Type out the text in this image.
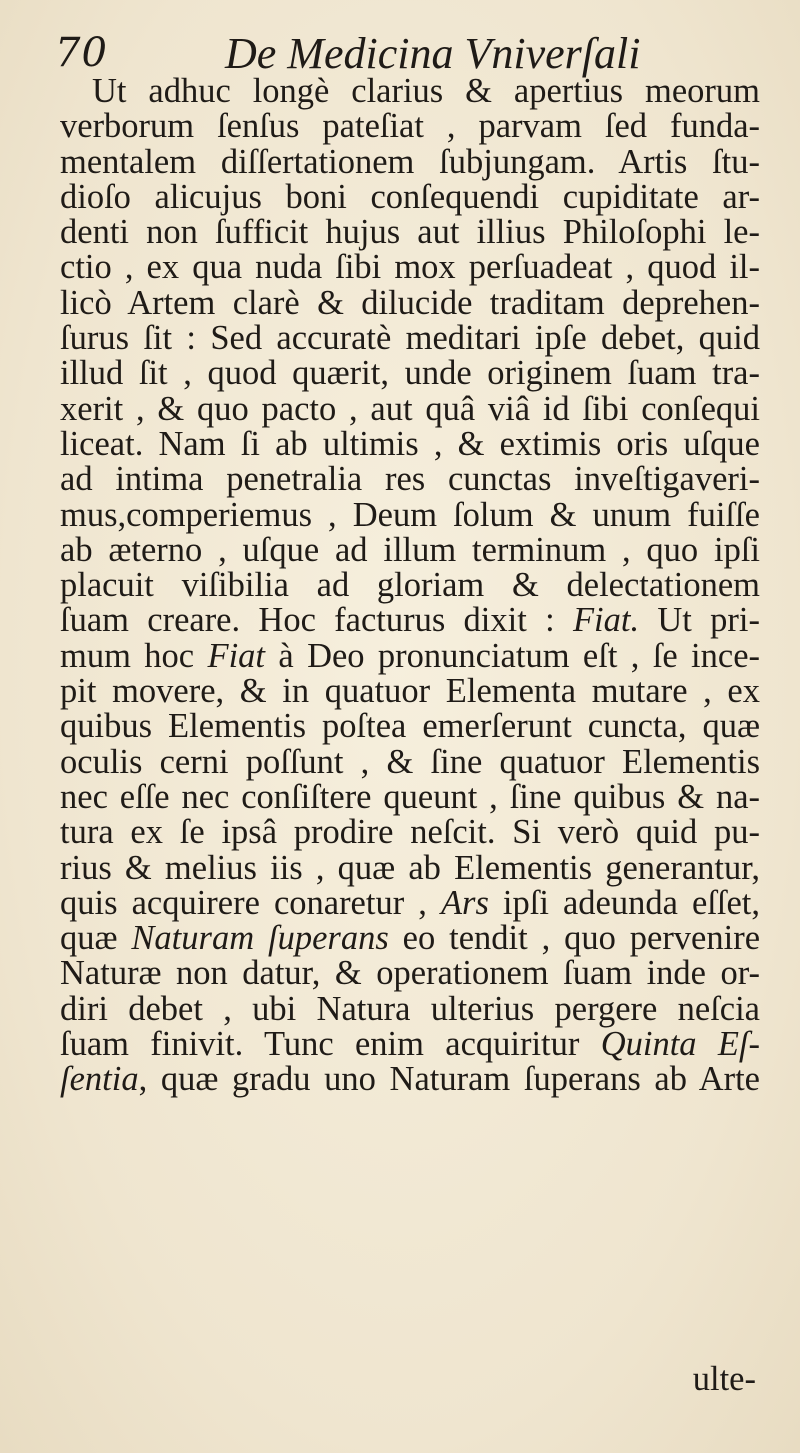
70	De Medicina Vniverſali
Ut adhuc longè clarius & apertius meorum
verborum ſenſus pateſiat , parvam ſed funda-
mentalem diſſertationem ſubjungam. Artis ſtu-
dioſo alicujus boni conſequendi cupiditate ar-
denti non ſufficit hujus aut illius Philoſophi le-
ctio , ex qua nuda ſibi mox perſuadeat , quod il-
licò Artem clarè & dilucide traditam deprehen-
ſurus ſit : Sed accuratè meditari ipſe debet, quid
illud ſit , quod quærit, unde originem ſuam tra-
xerit , & quo pacto , aut quâ viâ id ſibi conſequi
liceat. Nam ſi ab ultimis , & extimis oris uſque
ad intima penetralia res cunctas inveſtigaveri-
mus,comperiemus , Deum ſolum & unum fuiſſe
ab æterno , uſque ad illum terminum , quo ipſi
placuit viſibilia ad gloriam & delectationem
ſuam creare. Hoc facturus dixit : Fiat. Ut pri-
mum hoc Fiat à Deo pronunciatum eſt , ſe ince-
pit movere, & in quatuor Elementa mutare , ex
quibus Elementis poſtea emerſerunt cuncta, quæ
oculis cerni poſſunt , & ſine quatuor Elementis
nec eſſe nec conſiſtere queunt , ſine quibus & na-
tura ex ſe ipsâ prodire neſcit. Si verò quid pu-
rius & melius iis , quæ ab Elementis generantur,
quis acquirere conaretur , Ars ipſi adeunda eſſet,
quæ Naturam ſuperans eo tendit , quo pervenire
Naturæ non datur, & operationem ſuam inde or-
diri debet , ubi Natura ulterius pergere neſcia
ſuam finivit. Tunc enim acquiritur Quinta Eſ-
ſentia, quæ gradu uno Naturam ſuperans ab Arte
ulte-
